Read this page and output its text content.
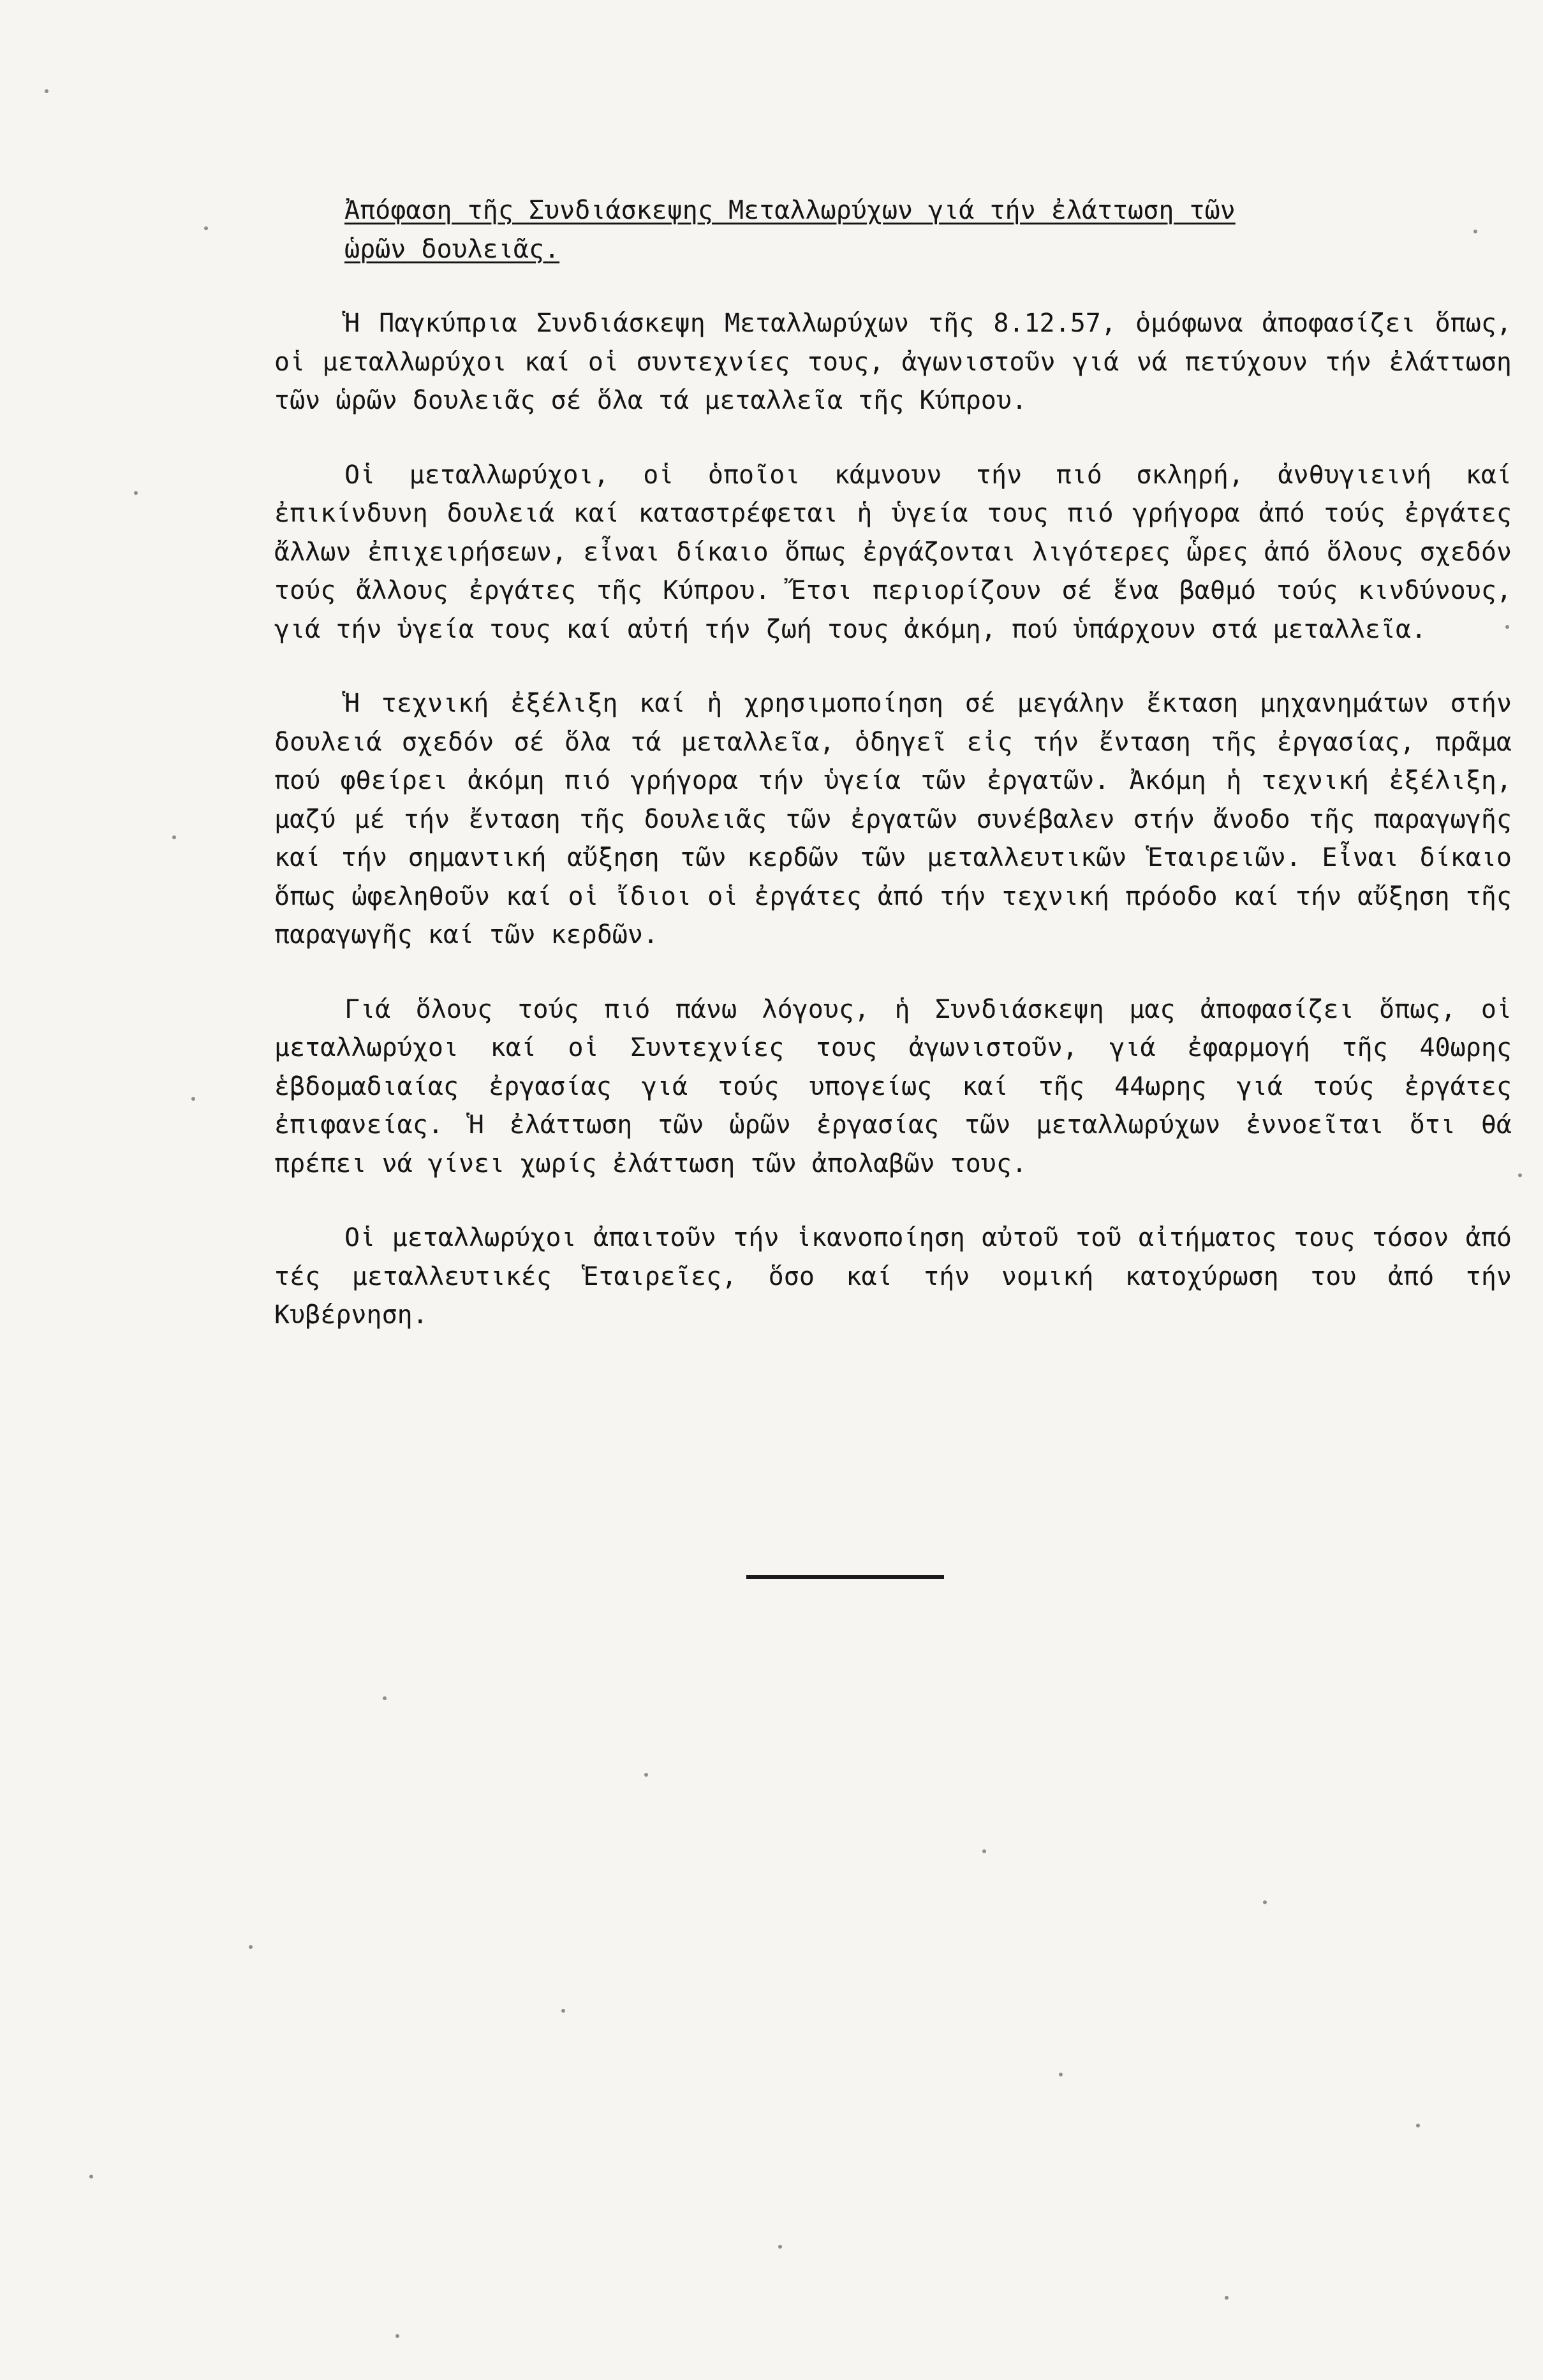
Ἀπόφαση τῆς Συνδιάσκεψης Μεταλλωρύχων γιά τήν ἐλάττωση τῶν ὡρῶν δουλειᾶς.
Ἡ Παγκύπρια Συνδιάσκεψη Μεταλλωρύχων τῆς 8.12.57, ὁμόφωνα ἀποφασίζει ὅπως, οἱ μεταλλωρύχοι καί οἱ συντεχνίες τους, ἀγωνιστοῦν γιά νά πετύχουν τήν ἐλάττωση τῶν ὡρῶν δουλειᾶς σέ ὅλα τά μεταλλεῖα τῆς Κύπρου.
Οἱ μεταλλωρύχοι, οἱ ὁποῖοι κάμνουν τήν πιό σκληρή, ἀνθυγιεινή καί ἐπικίνδυνη δουλειά καί καταστρέφεται ἡ ὑγεία τους πιό γρήγορα ἀπό τούς ἐργάτες ἄλλων ἐπιχειρήσεων, εἶναι δίκαιο ὅπως ἐργάζονται λιγότερες ὧρες ἀπό ὅλους σχεδόν τούς ἄλλους ἐργάτες τῆς Κύπρου. Ἔτσι περιορίζουν σέ ἕνα βαθμό τούς κινδύνους, γιά τήν ὑγεία τους καί αὐτή τήν ζωή τους ἀκόμη, πού ὑπάρχουν στά μεταλλεῖα.
Ἡ τεχνική ἐξέλιξη καί ἡ χρησιμοποίηση σέ μεγάλην ἔκταση μηχανημάτων στήν δουλειά σχεδόν σέ ὅλα τά μεταλλεῖα, ὁδηγεῖ εἰς τήν ἔνταση τῆς ἐργασίας, πρᾶμα πού φθείρει ἀκόμη πιό γρήγορα τήν ὑγεία τῶν ἐργατῶν. Ἀκόμη ἡ τεχνική ἐξέλιξη, μαζύ μέ τήν ἔνταση τῆς δουλειᾶς τῶν ἐργατῶν συνέβαλεν στήν ἄνοδο τῆς παραγωγῆς καί τήν σημαντική αὔξηση τῶν κερδῶν τῶν μεταλλευτικῶν Ἑταιρειῶν. Εἶναι δίκαιο ὅπως ὠφεληθοῦν καί οἱ ἴδιοι οἱ ἐργάτες ἀπό τήν τεχνική πρόοδο καί τήν αὔξηση τῆς παραγωγῆς καί τῶν κερδῶν.
Γιά ὅλους τούς πιό πάνω λόγους, ἡ Συνδιάσκεψη μας ἀποφασίζει ὅπως, οἱ μεταλλωρύχοι καί οἱ Συντεχνίες τους ἀγωνιστοῦν, γιά ἐφαρμογή τῆς 40ωρης ἑβδομαδιαίας ἐργασίας γιά τούς υπογείως καί τῆς 44ωρης γιά τούς ἐργάτες ἐπιφανείας. Ἡ ἐλάττωση τῶν ὡρῶν ἐργασίας τῶν μεταλλωρύχων ἐννοεῖται ὅτι θά πρέπει νά γίνει χωρίς ἐλάττωση τῶν ἀπολαβῶν τους.
Οἱ μεταλλωρύχοι ἀπαιτοῦν τήν ἱκανοποίηση αὐτοῦ τοῦ αἰτήματος τους τόσον ἀπό τές μεταλλευτικές Ἑταιρεῖες, ὅσο καί τήν νομική κατοχύρωση του ἀπό τήν Κυβέρνηση.
